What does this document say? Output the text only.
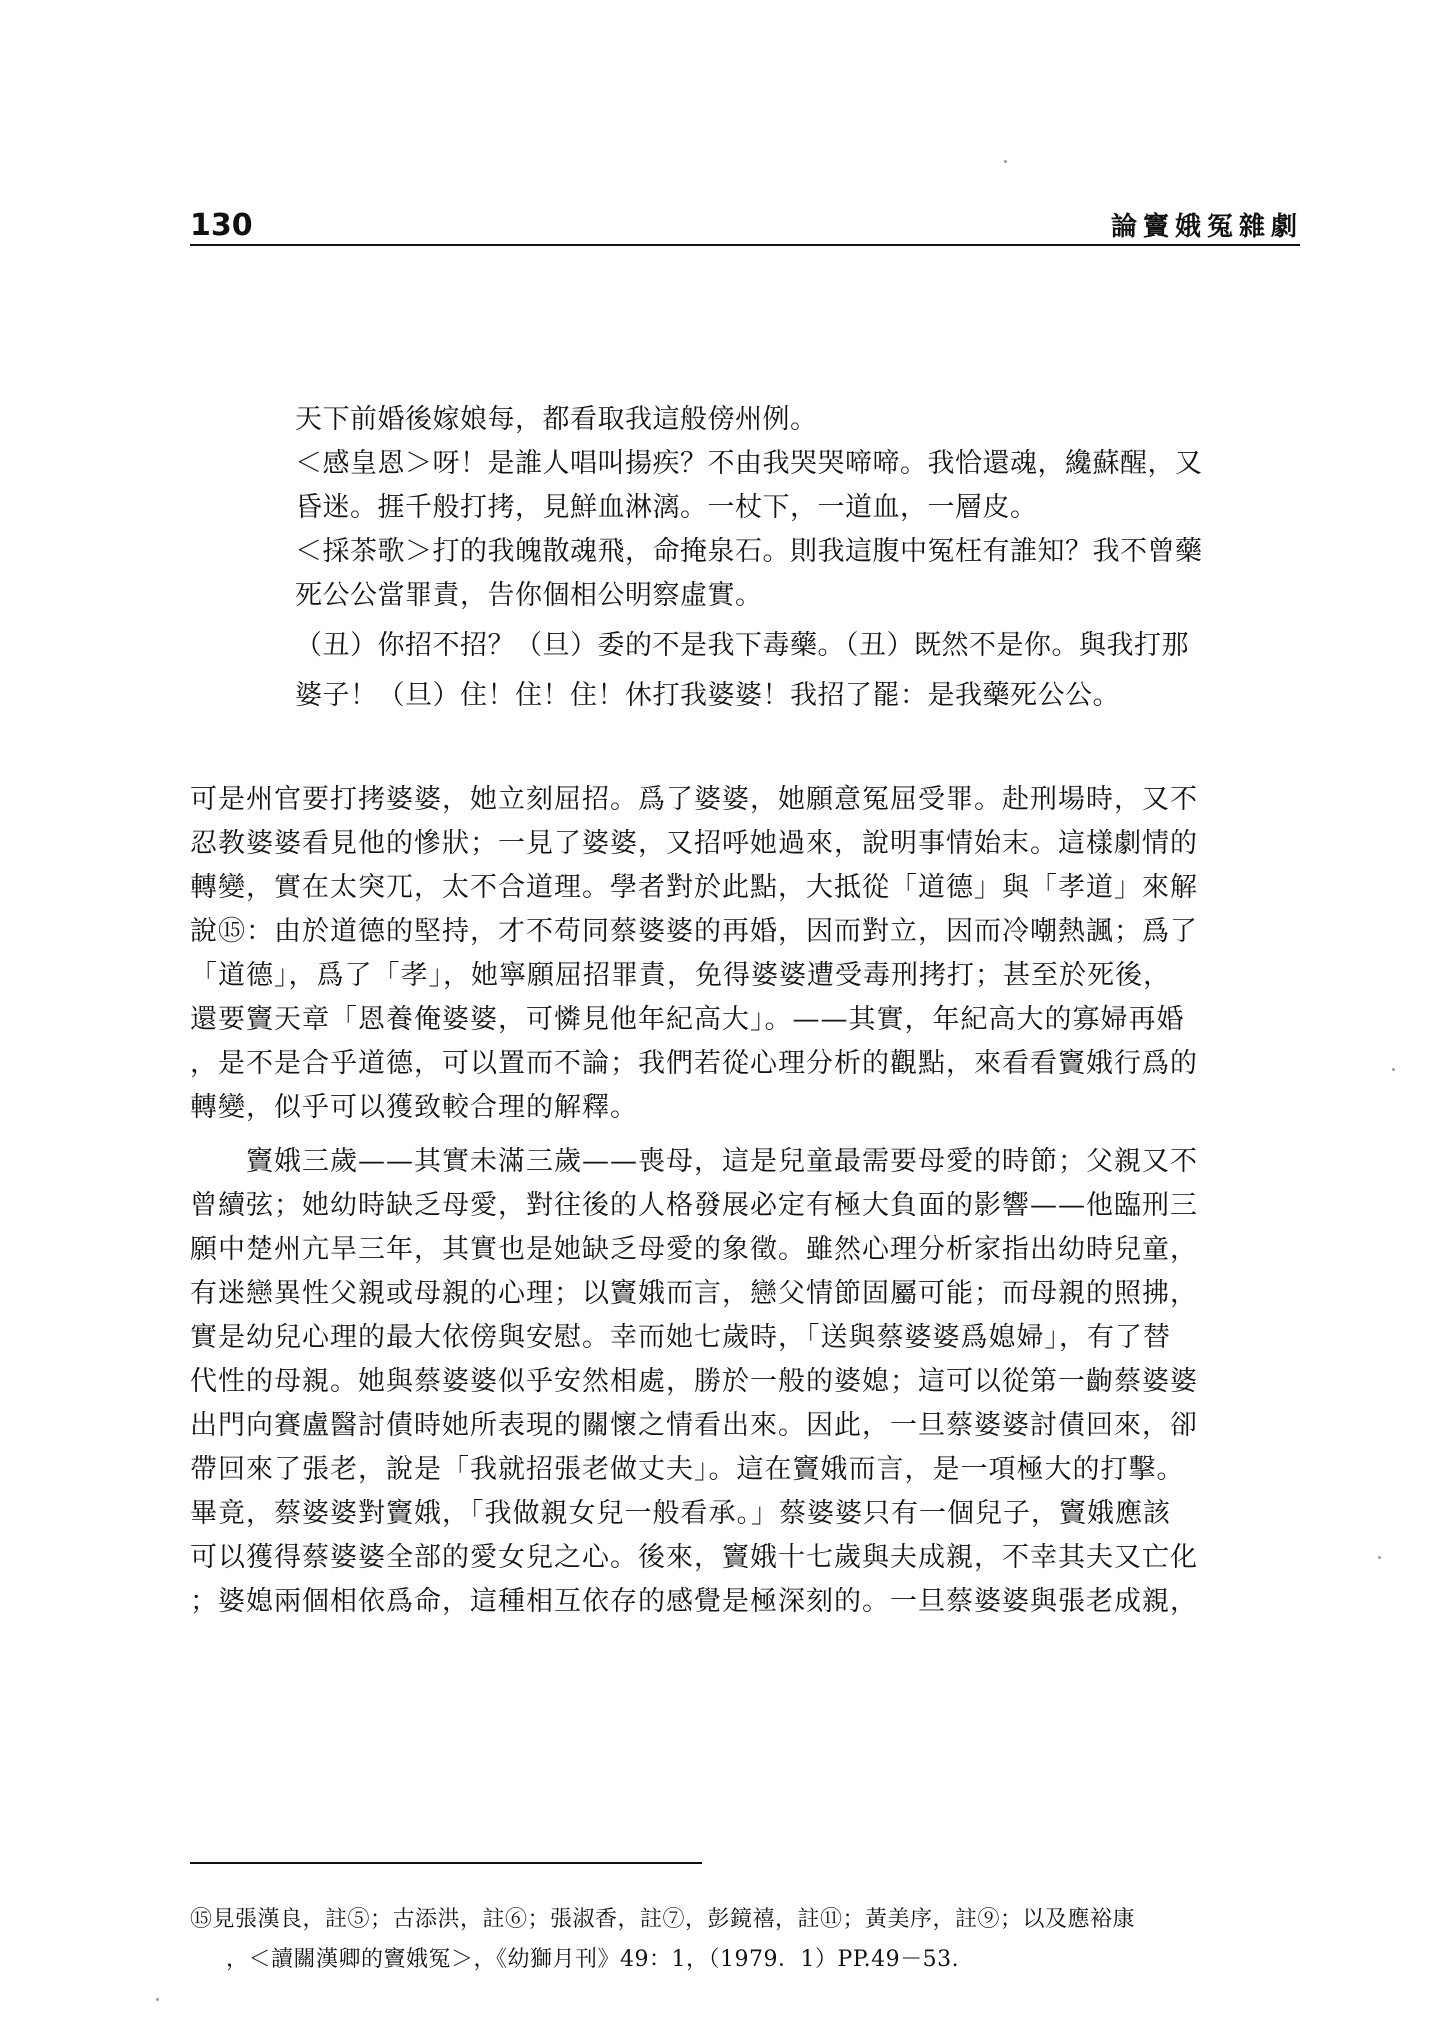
130	論竇娥冤雜劇
天下前婚後嫁娘每，都看取我這般傍州例。
＜感皇恩＞呀！是誰人唱叫揚疾？不由我哭哭啼啼。我恰還魂，纔蘇醒，又
昏迷。捱千般打拷，見鮮血淋漓。一杖下，一道血，一層皮。
＜採茶歌＞打的我魄散魂飛，命掩泉石。則我這腹中冤枉有誰知？我不曾藥
死公公當罪責，告你個相公明察虛實。
（丑）你招不招？（旦）委的不是我下毒藥。（丑）既然不是你。與我打那
婆子！（旦）住！住！住！休打我婆婆！我招了罷：是我藥死公公。
可是州官要打拷婆婆，她立刻屈招。爲了婆婆，她願意冤屈受罪。赴刑場時，又不
忍教婆婆看見他的慘狀；一見了婆婆，又招呼她過來，說明事情始末。這樣劇情的
轉變，實在太突兀，太不合道理。學者對於此點，大抵從「道德」與「孝道」來解
說⑮：由於道德的堅持，才不苟同蔡婆婆的再婚，因而對立，因而冷嘲熱諷；爲了
「道德」，爲了「孝」，她寧願屈招罪責，免得婆婆遭受毒刑拷打；甚至於死後，
還要竇天章「恩養俺婆婆，可憐見他年紀高大」。——其實，年紀高大的寡婦再婚
，是不是合乎道德，可以置而不論；我們若從心理分析的觀點，來看看竇娥行爲的
轉變，似乎可以獲致較合理的解釋。
　　竇娥三歲——其實未滿三歲——喪母，這是兒童最需要母愛的時節；父親又不
曾續弦；她幼時缺乏母愛，對往後的人格發展必定有極大負面的影響——他臨刑三
願中楚州亢旱三年，其實也是她缺乏母愛的象徵。雖然心理分析家指出幼時兒童，
有迷戀異性父親或母親的心理；以竇娥而言，戀父情節固屬可能；而母親的照拂，
實是幼兒心理的最大依傍與安慰。幸而她七歲時，「送與蔡婆婆爲媳婦」，有了替
代性的母親。她與蔡婆婆似乎安然相處，勝於一般的婆媳；這可以從第一齣蔡婆婆
出門向賽盧醫討債時她所表現的關懷之情看出來。因此，一旦蔡婆婆討債回來，卻
帶回來了張老，說是「我就招張老做丈夫」。這在竇娥而言，是一項極大的打擊。
畢竟，蔡婆婆對竇娥，「我做親女兒一般看承。」蔡婆婆只有一個兒子，竇娥應該
可以獲得蔡婆婆全部的愛女兒之心。後來，竇娥十七歲與夫成親，不幸其夫又亡化
；婆媳兩個相依爲命，這種相互依存的感覺是極深刻的。一旦蔡婆婆與張老成親，
⑮見張漢良，註⑤；古添洪，註⑥；張淑香，註⑦，彭鏡禧，註⑪；黃美序，註⑨；以及應裕康
，＜讀關漢卿的竇娥冤＞，《幼獅月刊》49：1，（1979．1）PP.49－53.
